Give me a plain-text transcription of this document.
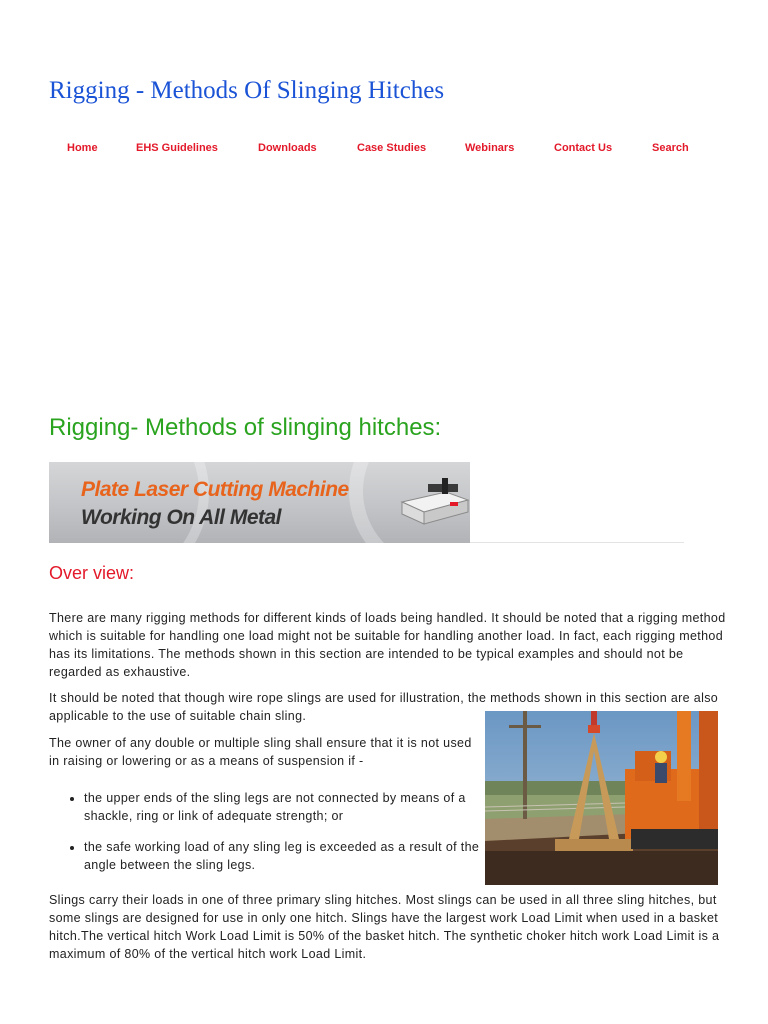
Rigging - Methods Of Slinging Hitches
Home	EHS Guidelines	Downloads	Case Studies	Webinars	Contact Us	Search
Rigging- Methods of slinging hitches:
Plate Laser Cutting Machine
Working On All Metal
Over view:

There are many rigging methods for different kinds of loads being handled. It should be noted that a rigging method which is suitable for handling one load might not be suitable for handling another load. In fact, each rigging method has its limitations. The methods shown in this section are intended to be typical examples and should not be regarded as exhaustive.

It should be noted that though wire rope slings are used for illustration, the methods shown in this section are also applicable to the use of suitable chain sling.

The owner of any double or multiple sling shall ensure that it is not used in raising or lowering or as a means of suspension if -

• the upper ends of the sling legs are not connected by means of a shackle, ring or link of adequate strength; or
• the safe working load of any sling leg is exceeded as a result of the angle between the sling legs.

Slings carry their loads in one of three primary sling hitches. Most slings can be used in all three sling hitches, but some slings are designed for use in only one hitch. Slings have the largest work Load Limit when used in a basket hitch.The vertical hitch Work Load Limit is 50% of the basket hitch. The synthetic choker hitch work Load Limit is a maximum of 80% of the vertical hitch work Load Limit.
